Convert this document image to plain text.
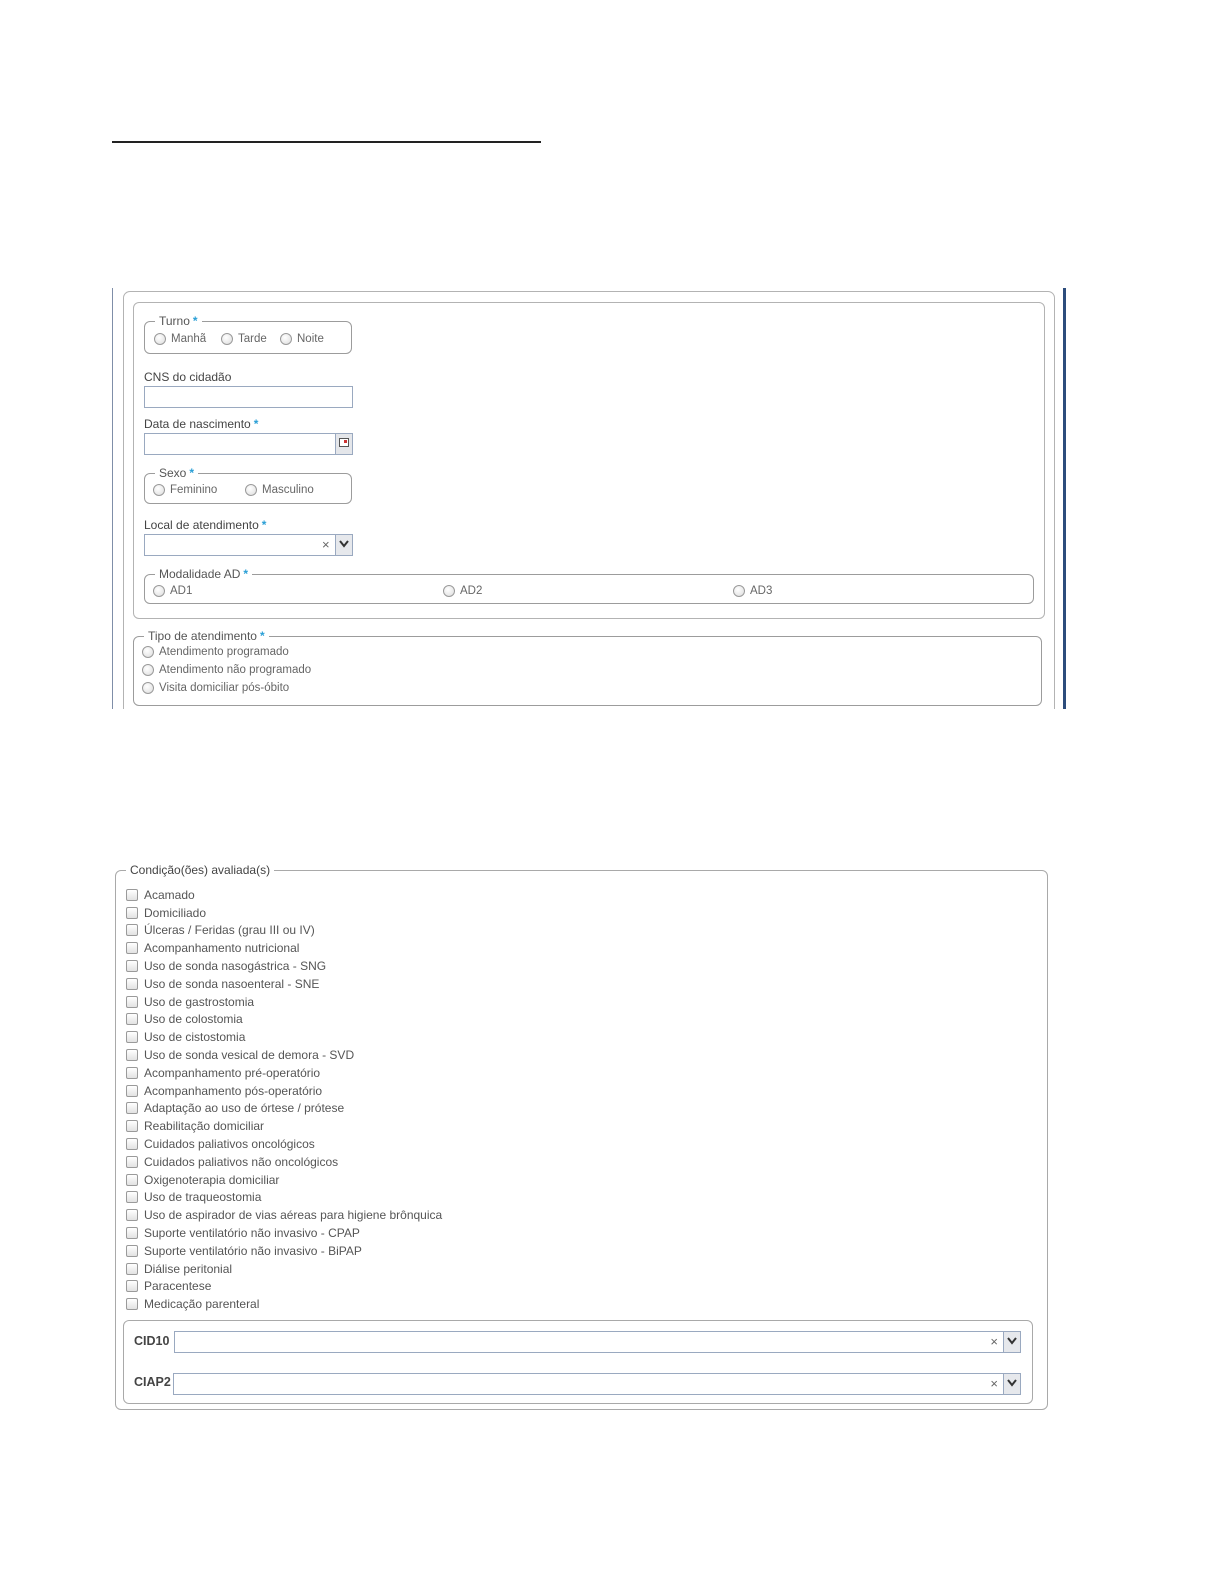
Turno *
Manhã	Tarde	Noite
CNS do cidadão
Data de nascimento *
Sexo *
Feminino	Masculino
Local de atendimento *
×
Modalidade AD *
AD1	AD2	AD3
Tipo de atendimento *
Atendimento programado
Atendimento não programado
Visita domiciliar pós-óbito
Condição(ões) avaliada(s)
Acamado
Domiciliado
Úlceras / Feridas (grau III ou IV)
Acompanhamento nutricional
Uso de sonda nasogástrica - SNG
Uso de sonda nasoenteral - SNE
Uso de gastrostomia
Uso de colostomia
Uso de cistostomia
Uso de sonda vesical de demora - SVD
Acompanhamento pré-operatório
Acompanhamento pós-operatório
Adaptação ao uso de órtese / prótese
Reabilitação domiciliar
Cuidados paliativos oncológicos
Cuidados paliativos não oncológicos
Oxigenoterapia domiciliar
Uso de traqueostomia
Uso de aspirador de vias aéreas para higiene brônquica
Suporte ventilatório não invasivo - CPAP
Suporte ventilatório não invasivo - BiPAP
Diálise peritonial
Paracentese
Medicação parenteral
CID10	×
CIAP2	×
